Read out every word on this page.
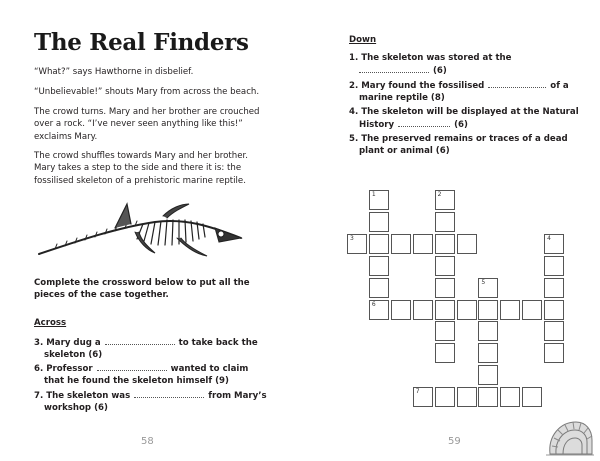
The Real Finders

“What?” says Hawthorne in disbelief.

“Unbelievable!” shouts Mary from across the beach.

The crowd turns. Mary and her brother are crouched over a rock. “I’ve never seen anything like this!” exclaims Mary.

The crowd shuffles towards Mary and her brother. Mary takes a step to the side and there it is: the fossilised skeleton of a prehistoric marine reptile.

Complete the crossword below to put all the pieces of the case together.

Across

3. Mary dug a	to take back the
skeleton (6)
6. Professor	wanted to claim
that he found the skeleton himself (9)
7. The skeleton was	from Mary’s
workshop (6)
58

Down

1. The skeleton was stored at the
(6)
2. Mary found the fossilised	of a
marine reptile (8)
4. The skeleton will be displayed at the Natural
History	(6)
5. The preserved remains or traces of a dead
plant or animal (6)
1
6
2
3	4
5
7
59
